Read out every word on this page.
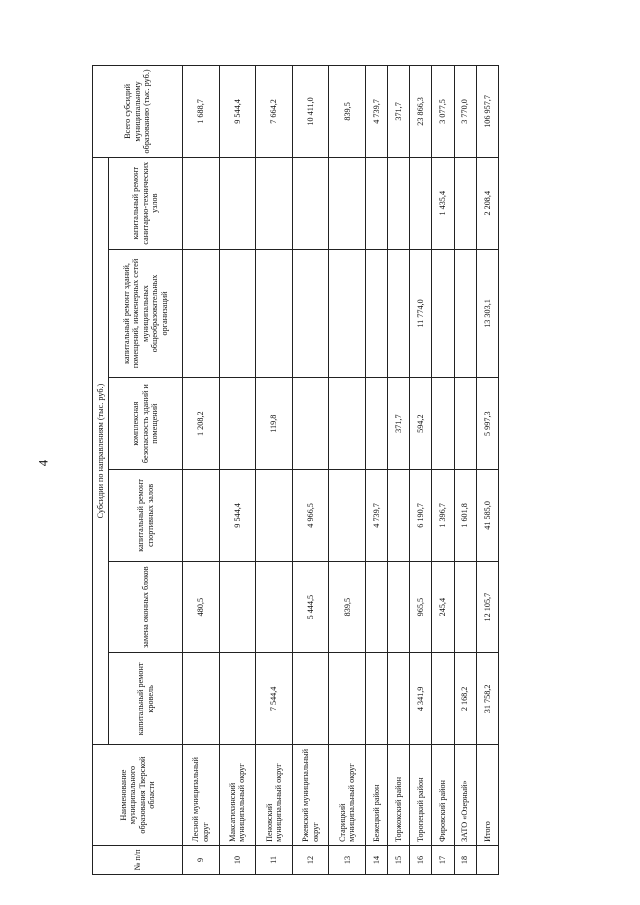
4
№ п/п	Наименование муниципального образования Тверской области	Субсидии по направлениям (тыс. руб.)						Всего субсидий муниципальному образованию (тыс. руб.)
		капитальный ремонт кровель	замена оконных блоков	капитальный ремонт спортивных залов	комплексная безопасность зданий и помещений	капитальный ремонт зданий, помещений, инженерных сетей муниципальных общеобразовательных организаций	капитальный ремонт санитарно-технических узлов	
9	Лесной муниципальный округ		480,5		1 208,2			1 688,7
10	Максатихинский муниципальный округ			9 544,4				9 544,4
11	Пеновский муниципальный округ	7 544,4			119,8			7 664,2
12	Ржевский муниципальный округ		5 444,5	4 966,5				10 411,0
13	Старицкий муниципальный округ		839,5					839,5
14	Бежецкий район			4 739,7				4 739,7
15	Торжокский район				371,7			371,7
16	Торопецкий район	4 341,9	965,5	6 190,7	594,2	11 774,0		23 866,3
17	Фировский район		245,4	1 396,7			1 435,4	3 077,5
18	ЗАТО «Озерный»	2 168,2		1 601,8				3 770,0
	Итого	31 758,2	12 105,7	41 585,0	5 997,3	13 303,1	2 208,4	106 957,7
